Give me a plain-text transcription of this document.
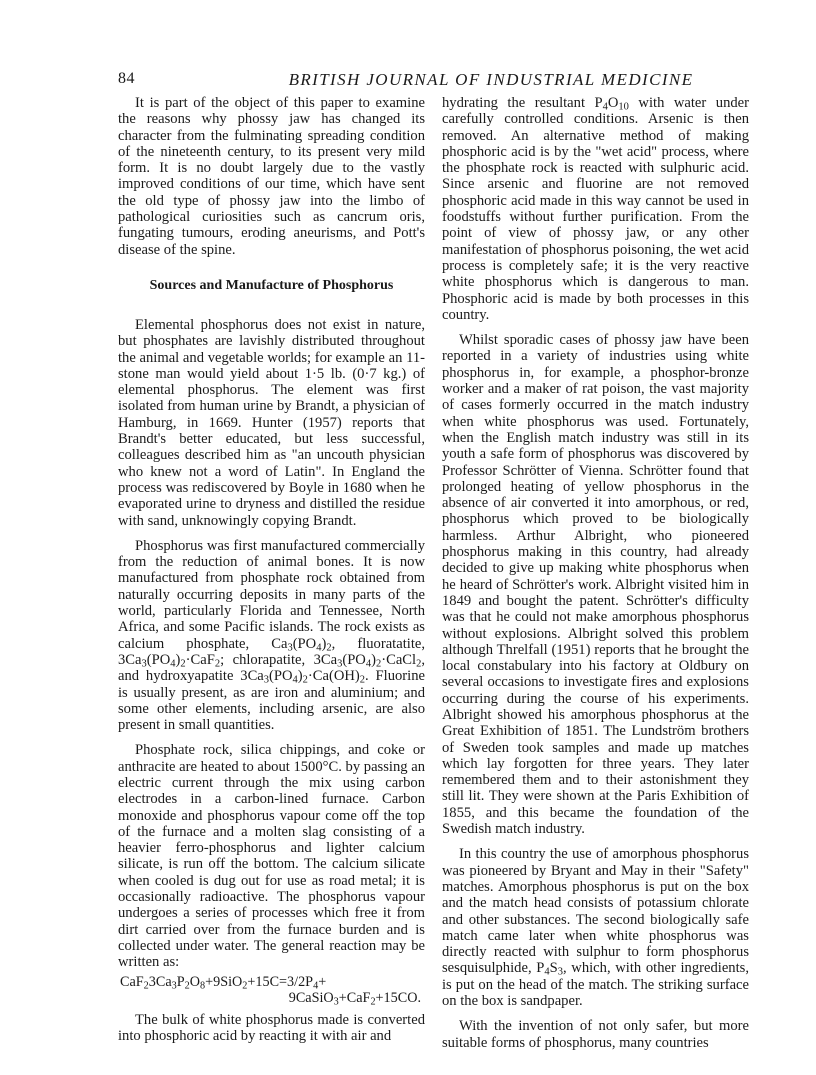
84	BRITISH JOURNAL OF INDUSTRIAL MEDICINE

It is part of the object of this paper to examine the reasons why phossy jaw has changed its character from the fulminating spreading condition of the nineteenth century, to its present very mild form. It is no doubt largely due to the vastly improved conditions of our time, which have sent the old type of phossy jaw into the limbo of pathological curiosities such as cancrum oris, fungating tumours, eroding aneurisms, and Pott's disease of the spine.

Sources and Manufacture of Phosphorus

Elemental phosphorus does not exist in nature, but phosphates are lavishly distributed throughout the animal and vegetable worlds; for example an 11-stone man would yield about 1·5 lb. (0·7 kg.) of elemental phosphorus. The element was first isolated from human urine by Brandt, a physician of Hamburg, in 1669. Hunter (1957) reports that Brandt's better educated, but less successful, colleagues described him as "an uncouth physician who knew not a word of Latin". In England the process was rediscovered by Boyle in 1680 when he evaporated urine to dryness and distilled the residue with sand, unknowingly copying Brandt.

Phosphorus was first manufactured commercially from the reduction of animal bones. It is now manufactured from phosphate rock obtained from naturally occurring deposits in many parts of the world, particularly Florida and Tennessee, North Africa, and some Pacific islands. The rock exists as calcium phosphate, $Ca_3(PO_4)_2$, fluoratatite, $3Ca_3(PO_4)_2\cdot CaF_2$; chlorapatite, $3Ca_3(PO_4)_2\cdot CaCl_2$, and hydroxyapatite $3Ca_3(PO_4)_2\cdot Ca(OH)_2$. Fluorine is usually present, as are iron and aluminium; and some other elements, including arsenic, are also present in small quantities.

Phosphate rock, silica chippings, and coke or anthracite are heated to about 1500°C. by passing an electric current through the mix using carbon electrodes in a carbon-lined furnace. Carbon monoxide and phosphorus vapour come off the top of the furnace and a molten slag consisting of a heavier ferro-phosphorus and lighter calcium silicate, is run off the bottom. The calcium silicate when cooled is dug out for use as road metal; it is occasionally radioactive. The phosphorus vapour undergoes a series of processes which free it from dirt carried over from the furnace burden and is collected under water. The general reaction may be written as:

$CaF_23Ca_3P_2O_8+9SiO_2+15C=3/2P_4+$
9CaSiO$_3$+CaF$_2$+15CO.

The bulk of white phosphorus made is converted into phosphoric acid by reacting it with air and

hydrating the resultant $P_4O_{10}$ with water under carefully controlled conditions. Arsenic is then removed. An alternative method of making phosphoric acid is by the "wet acid" process, where the phosphate rock is reacted with sulphuric acid. Since arsenic and fluorine are not removed phosphoric acid made in this way cannot be used in foodstuffs without further purification. From the point of view of phossy jaw, or any other manifestation of phosphorus poisoning, the wet acid process is completely safe; it is the very reactive white phosphorus which is dangerous to man. Phosphoric acid is made by both processes in this country.

Whilst sporadic cases of phossy jaw have been reported in a variety of industries using white phosphorus in, for example, a phosphor-bronze worker and a maker of rat poison, the vast majority of cases formerly occurred in the match industry when white phosphorus was used. Fortunately, when the English match industry was still in its youth a safe form of phosphorus was discovered by Professor Schrötter of Vienna. Schrötter found that prolonged heating of yellow phosphorus in the absence of air converted it into amorphous, or red, phosphorus which proved to be biologically harmless. Arthur Albright, who pioneered phosphorus making in this country, had already decided to give up making white phosphorus when he heard of Schrötter's work. Albright visited him in 1849 and bought the patent. Schrötter's difficulty was that he could not make amorphous phosphorus without explosions. Albright solved this problem although Threlfall (1951) reports that he brought the local constabulary into his factory at Oldbury on several occasions to investigate fires and explosions occurring during the course of his experiments. Albright showed his amorphous phosphorus at the Great Exhibition of 1851. The Lundström brothers of Sweden took samples and made up matches which lay forgotten for three years. They later remembered them and to their astonishment they still lit. They were shown at the Paris Exhibition of 1855, and this became the foundation of the Swedish match industry.

In this country the use of amorphous phosphorus was pioneered by Bryant and May in their "Safety" matches. Amorphous phosphorus is put on the box and the match head consists of potassium chlorate and other substances. The second biologically safe match came later when white phosphorus was directly reacted with sulphur to form phosphorus sesquisulphide, $P_4S_3$, which, with other ingredients, is put on the head of the match. The striking surface on the box is sandpaper.

With the invention of not only safer, but more suitable forms of phosphorus, many countries
